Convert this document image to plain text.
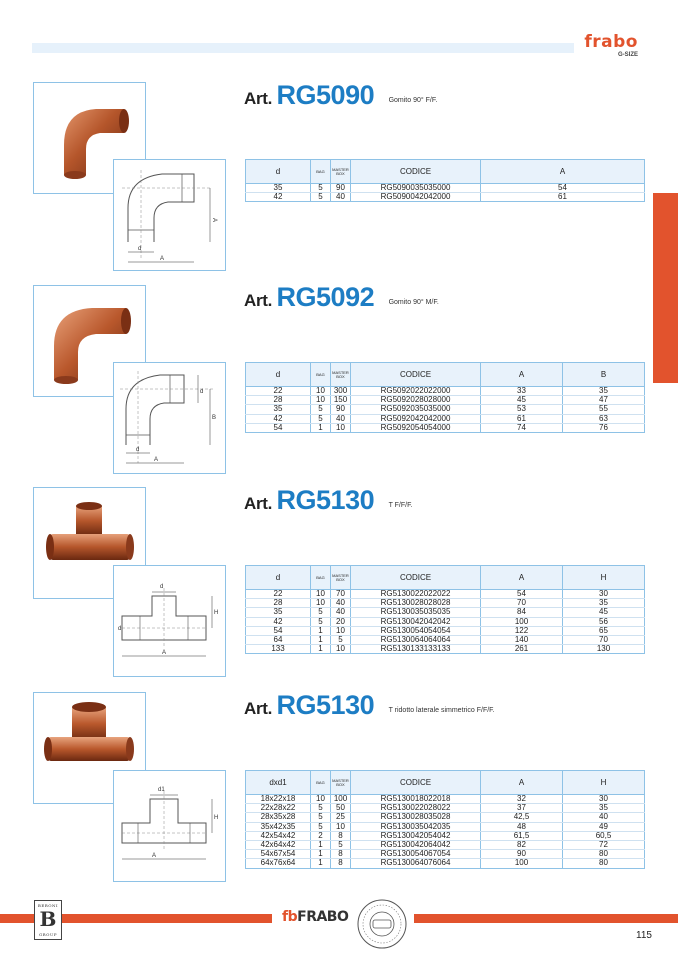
frabo
G-SIZE
d
A
A
Art. RG5090 Gomito 90° F/F.
d	BAG	MASTER BOX	CODICE	A
35	5	90	RG5090035035000	54
42	5	40	RG5090042042000	61
d
A
d
B
Art. RG5092 Gomito 90° M/F.
d	BAG	MASTER BOX	CODICE	A	B
22	10	300	RG5092022022000	33	35
28	10	150	RG5092028028000	45	47
35	5	90	RG5092035035000	53	55
42	5	40	RG5092042042000	61	63
54	1	10	RG5092054054000	74	76
d
A
H
d
Art. RG5130 T F/F/F.
d	BAG	MASTER BOX	CODICE	A	H
22	10	70	RG5130022022022	54	30
28	10	40	RG5130028028028	70	35
35	5	40	RG5130035035035	84	45
42	5	20	RG5130042042042	100	56
54	1	10	RG5130054054054	122	65
64	1	5	RG5130064064064	140	70
133	1	10	RG5130133133133	261	130
d1
A
H
Art. RG5130 T ridotto laterale simmetrico F/F/F.
dxd1	BAG	MASTER BOX	CODICE	A	H
18x22x18	10	100	RG5130018022018	32	30
22x28x22	5	50	RG5130022028022	37	35
28x35x28	5	25	RG5130028035028	42,5	40
35x42x35	5	10	RG5130035042035	48	49
42x54x42	2	8	RG5130042054042	61,5	60,5
42x64x42	1	5	RG5130042064042	82	72
54x67x54	1	8	RG5130054067054	90	80
64x76x64	1	8	RG5130064076064	100	80
BERONI
B
GROUP
fbFRABO
115
